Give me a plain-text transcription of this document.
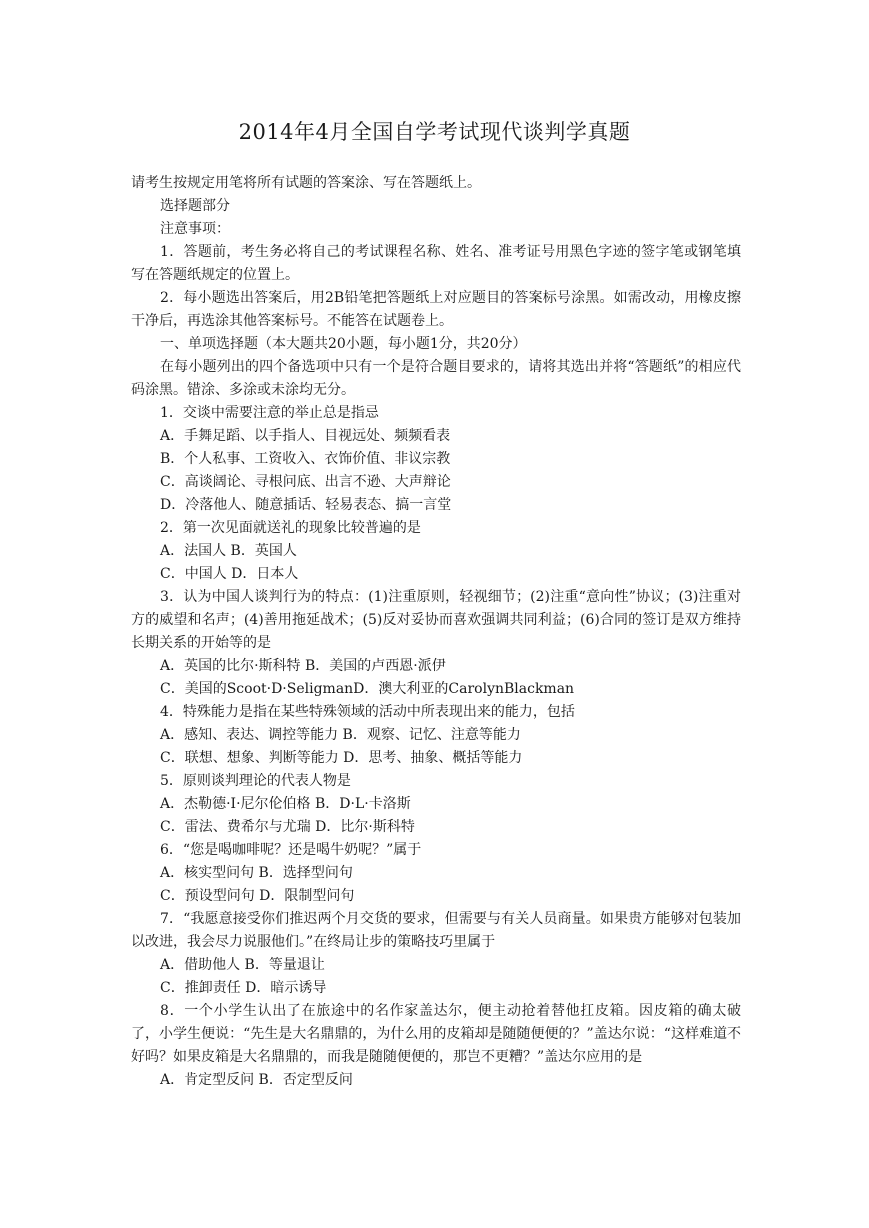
2014年4月全国自学考试现代谈判学真题

请考生按规定用笔将所有试题的答案涂、写在答题纸上。

选择题部分

注意事项：

1．答题前，考生务必将自己的考试课程名称、姓名、准考证号用黑色字迹的签字笔或钢笔填写在答题纸规定的位置上。

2．每小题选出答案后，用2B铅笔把答题纸上对应题目的答案标号涂黑。如需改动，用橡皮擦干净后，再选涂其他答案标号。不能答在试题卷上。

一、单项选择题（本大题共20小题，每小题1分，共20分）

在每小题列出的四个备选项中只有一个是符合题目要求的，请将其选出并将“答题纸”的相应代码涂黑。错涂、多涂或未涂均无分。

1．交谈中需要注意的举止总是指忌

A．手舞足蹈、以手指人、目视远处、频频看表

B．个人私事、工资收入、衣饰价值、非议宗教

C．高谈阔论、寻根问底、出言不逊、大声辩论

D．冷落他人、随意插话、轻易表态、搞一言堂

2．第一次见面就送礼的现象比较普遍的是

A．法国人 B．英国人

C．中国人 D．日本人

3．认为中国人谈判行为的特点：(1)注重原则，轻视细节；(2)注重“意向性”协议；(3)注重对方的威望和名声；(4)善用拖延战术；(5)反对妥协而喜欢强调共同利益；(6)合同的签订是双方维持长期关系的开始等的是

A．英国的比尔·斯科特 B．美国的卢西恩·派伊

C．美国的Scoot·D·SeligmanD．澳大利亚的CarolynBlackman

4．特殊能力是指在某些特殊领域的活动中所表现出来的能力，包括

A．感知、表达、调控等能力 B．观察、记忆、注意等能力

C．联想、想象、判断等能力 D．思考、抽象、概括等能力

5．原则谈判理论的代表人物是

A．杰勒德·I·尼尔伦伯格 B．D·L·卡洛斯

C．雷法、费希尔与尤瑞 D．比尔·斯科特

6．“您是喝咖啡呢？还是喝牛奶呢？”属于

A．核实型问句 B．选择型问句

C．预设型问句 D．限制型问句

7．“我愿意接受你们推迟两个月交货的要求，但需要与有关人员商量。如果贵方能够对包装加以改进，我会尽力说服他们。”在终局让步的策略技巧里属于

A．借助他人 B．等量退让

C．推卸责任 D．暗示诱导

8．一个小学生认出了在旅途中的名作家盖达尔，便主动抢着替他扛皮箱。因皮箱的确太破了，小学生便说：“先生是大名鼎鼎的，为什么用的皮箱却是随随便便的？”盖达尔说：“这样难道不好吗？如果皮箱是大名鼎鼎的，而我是随随便便的，那岂不更糟？”盖达尔应用的是

A．肯定型反问 B．否定型反问
